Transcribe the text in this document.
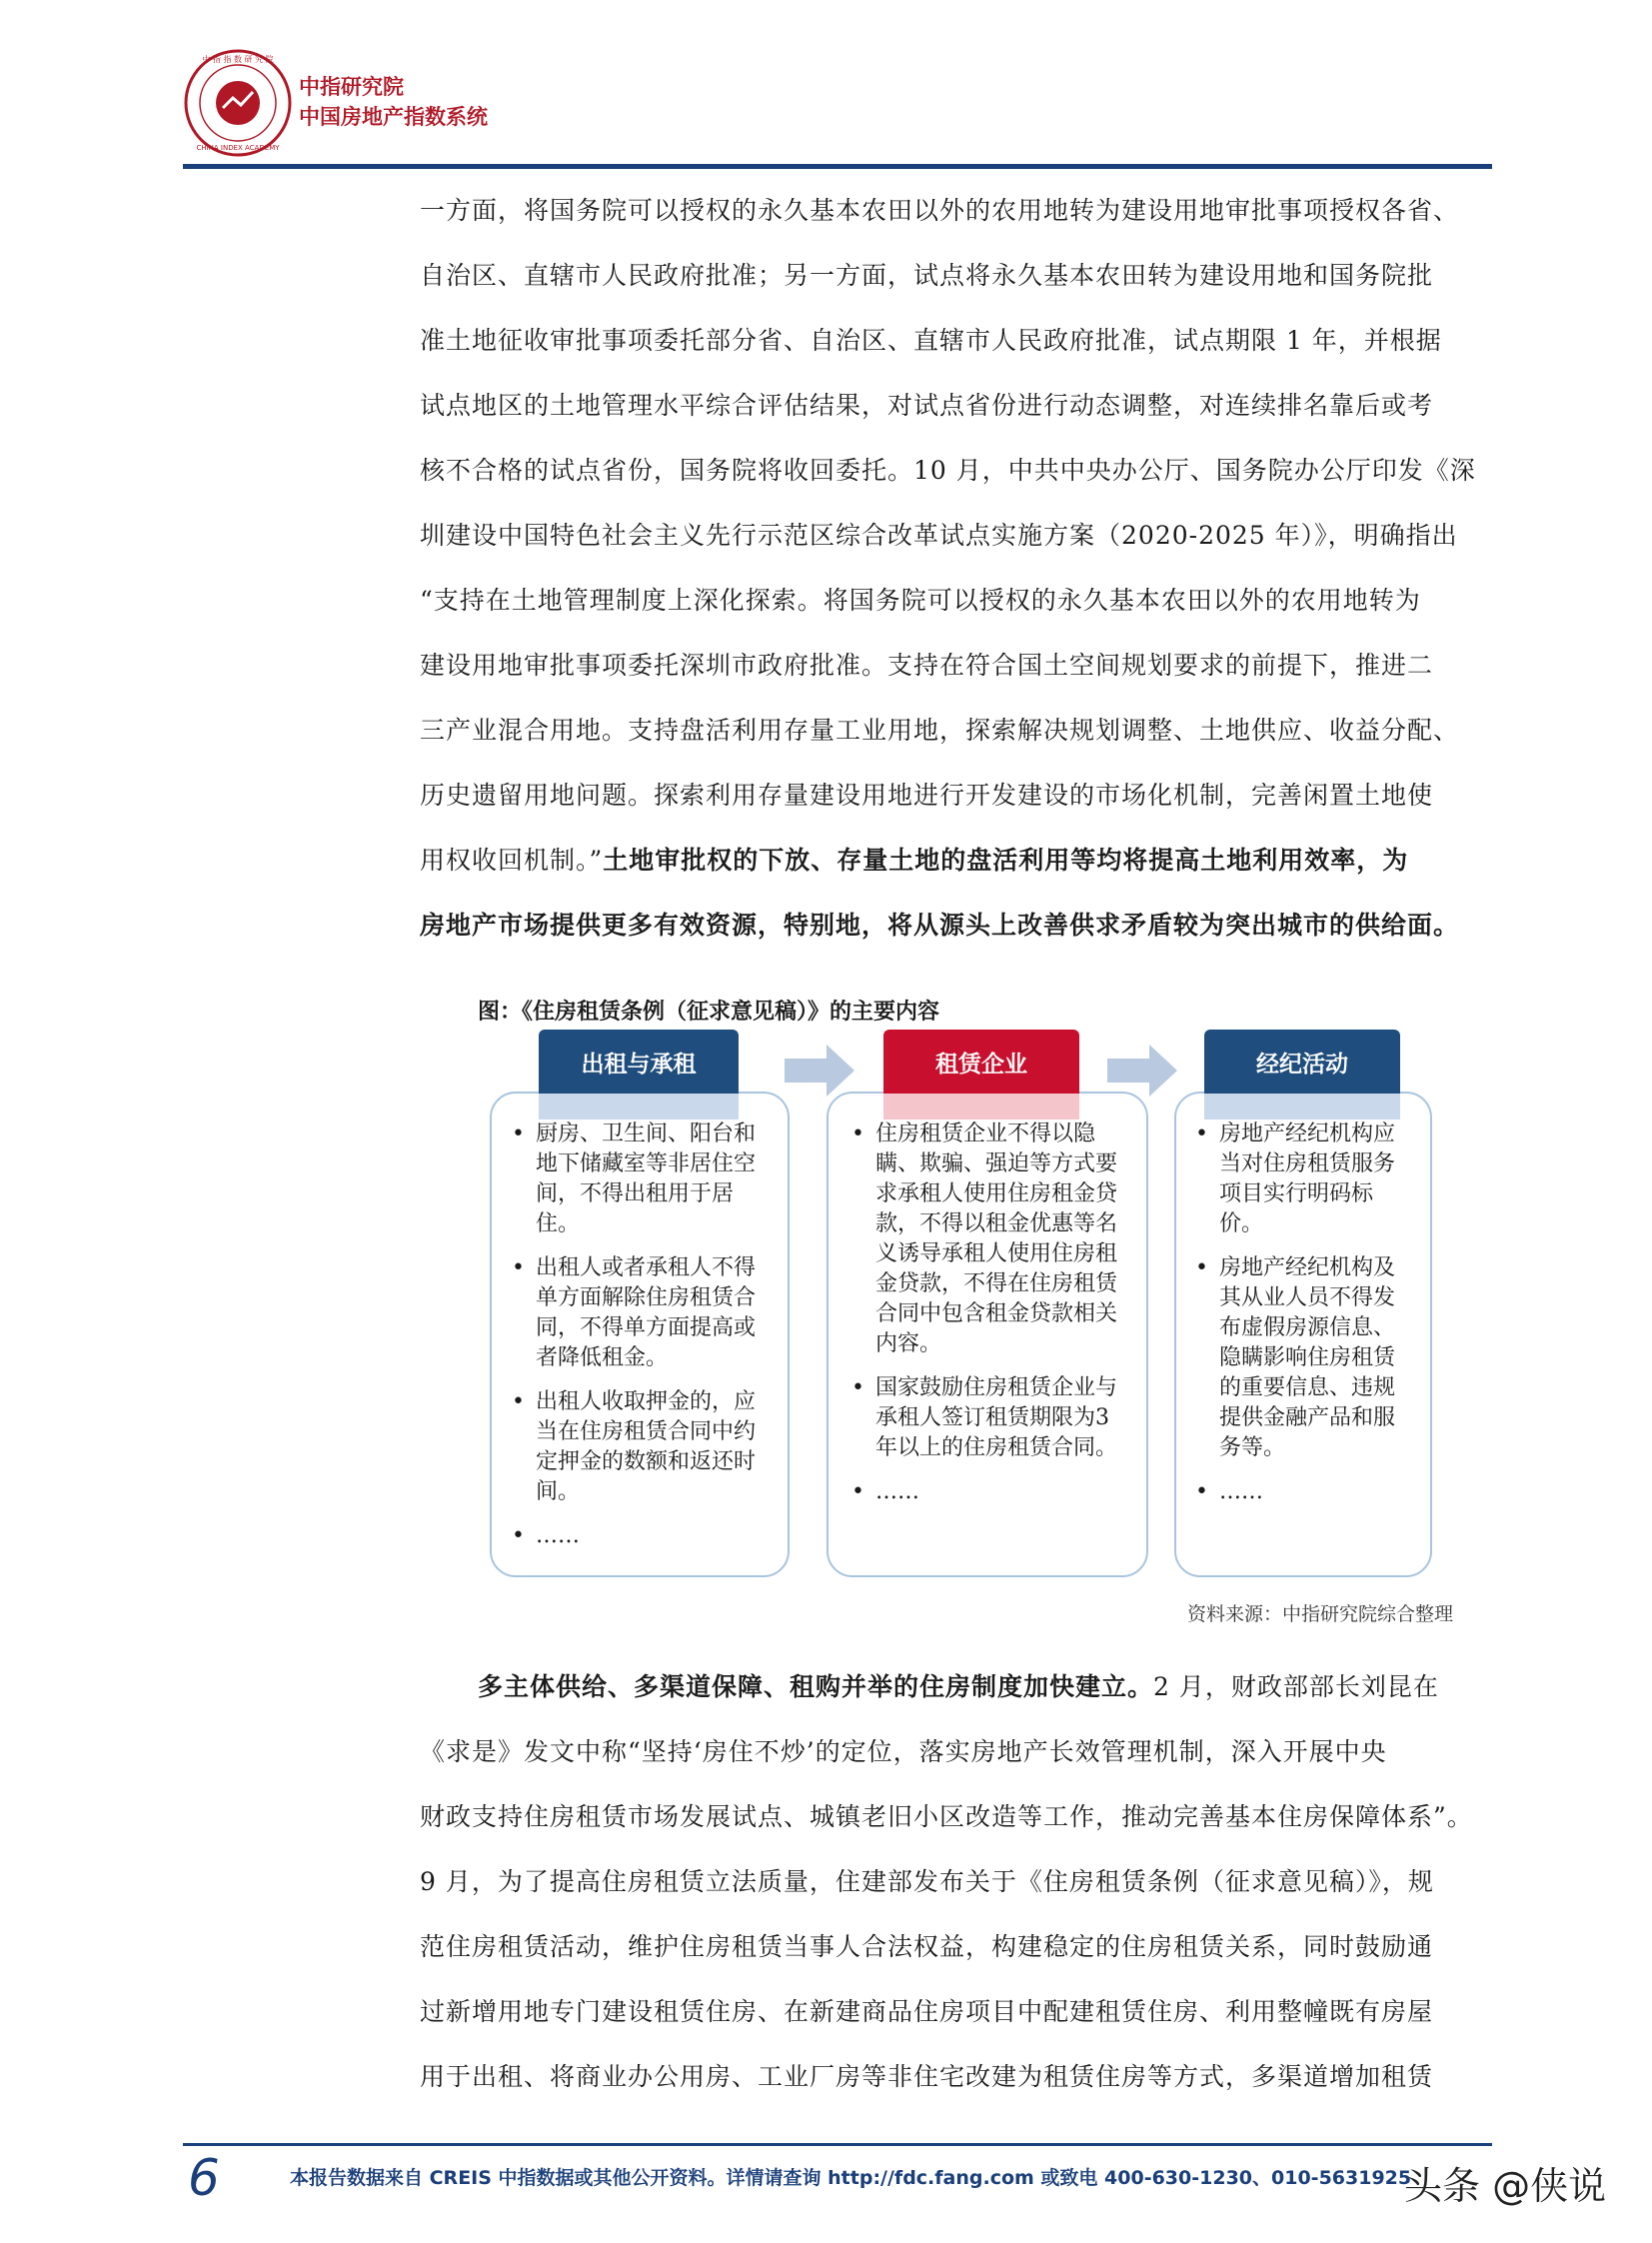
中 指 指 数 研 究 院
CHINA INDEX ACADEMY
中指研究院
中国房地产指数系统

一方面，将国务院可以授权的永久基本农田以外的农用地转为建设用地审批事项授权各省、

自治区、直辖市人民政府批准；另一方面，试点将永久基本农田转为建设用地和国务院批

准土地征收审批事项委托部分省、自治区、直辖市人民政府批准，试点期限 1 年，并根据

试点地区的土地管理水平综合评估结果，对试点省份进行动态调整，对连续排名靠后或考

核不合格的试点省份，国务院将收回委托。10 月，中共中央办公厅、国务院办公厅印发《深

圳建设中国特色社会主义先行示范区综合改革试点实施方案（2020-2025 年）》，明确指出

“支持在土地管理制度上深化探索。将国务院可以授权的永久基本农田以外的农用地转为

建设用地审批事项委托深圳市政府批准。支持在符合国土空间规划要求的前提下，推进二

三产业混合用地。支持盘活利用存量工业用地，探索解决规划调整、土地供应、收益分配、

历史遗留用地问题。探索利用存量建设用地进行开发建设的市场化机制，完善闲置土地使

用权收回机制。”土地审批权的下放、存量土地的盘活利用等均将提高土地利用效率，为

房地产市场提供更多有效资源，特别地，将从源头上改善供求矛盾较为突出城市的供给面。

图：《住房租赁条例（征求意见稿）》的主要内容
出租与承租
• 厨房、卫生间、阳台和地下储藏室等非居住空间，不得出租用于居住。
• 出租人或者承租人不得单方面解除住房租赁合同，不得单方面提高或者降低租金。
• 出租人收取押金的，应当在住房租赁合同中约定押金的数额和返还时间。
• ……
租赁企业
• 住房租赁企业不得以隐瞒、欺骗、强迫等方式要求承租人使用住房租金贷款，不得以租金优惠等名义诱导承租人使用住房租金贷款，不得在住房租赁合同中包含租金贷款相关内容。
• 国家鼓励住房租赁企业与承租人签订租赁期限为3年以上的住房租赁合同。
• ……
经纪活动
• 房地产经纪机构应当对住房租赁服务项目实行明码标价。
• 房地产经纪机构及其从业人员不得发布虚假房源信息、隐瞒影响住房租赁的重要信息、违规提供金融产品和服务等。
• ……
资料来源：中指研究院综合整理

多主体供给、多渠道保障、租购并举的住房制度加快建立。2 月，财政部部长刘昆在

《求是》发文中称“坚持‘房住不炒’的定位，落实房地产长效管理机制，深入开展中央

财政支持住房租赁市场发展试点、城镇老旧小区改造等工作，推动完善基本住房保障体系”。

9 月，为了提高住房租赁立法质量，住建部发布关于《住房租赁条例（征求意见稿）》，规

范住房租赁活动，维护住房租赁当事人合法权益，构建稳定的住房租赁关系，同时鼓励通

过新增用地专门建设租赁住房、在新建商品住房项目中配建租赁住房、利用整幢既有房屋

用于出租、将商业办公用房、工业厂房等非住宅改建为租赁住房等方式，多渠道增加租赁

6	本报告数据来自 CREIS 中指数据或其他公开资料。详情请查询 http://fdc.fang.com 或致电 400-630-1230、010-5631925
头条 @侠说
